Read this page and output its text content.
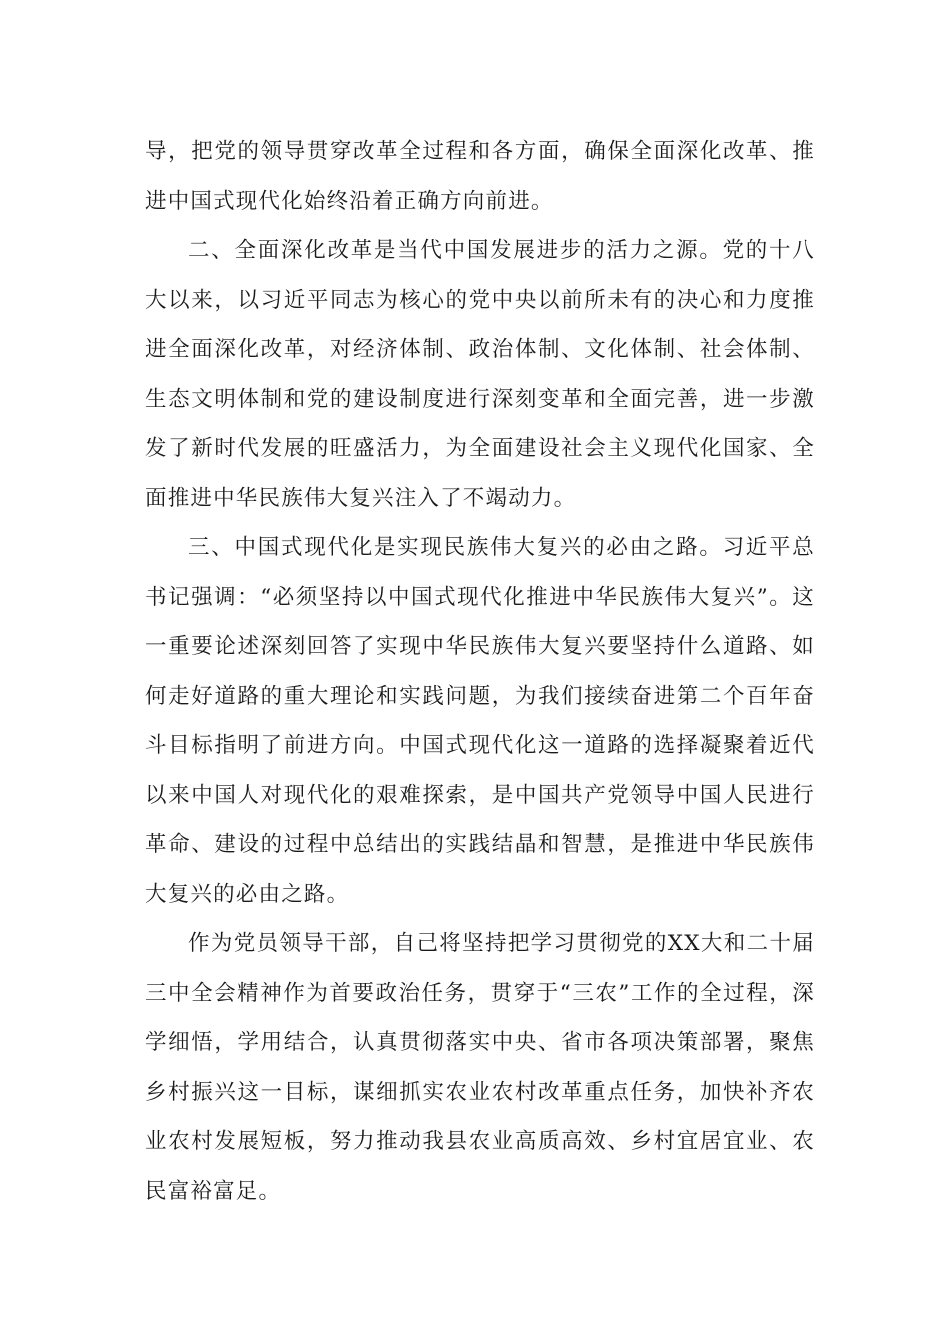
导，把党的领导贯穿改革全过程和各方面，确保全面深化改革、推进中国式现代化始终沿着正确方向前进。

二、全面深化改革是当代中国发展进步的活力之源。党的十八大以来，以习近平同志为核心的党中央以前所未有的决心和力度推进全面深化改革，对经济体制、政治体制、文化体制、社会体制、生态文明体制和党的建设制度进行深刻变革和全面完善，进一步激发了新时代发展的旺盛活力，为全面建设社会主义现代化国家、全面推进中华民族伟大复兴注入了不竭动力。

三、中国式现代化是实现民族伟大复兴的必由之路。习近平总书记强调：“必须坚持以中国式现代化推进中华民族伟大复兴”。这一重要论述深刻回答了实现中华民族伟大复兴要坚持什么道路、如何走好道路的重大理论和实践问题，为我们接续奋进第二个百年奋斗目标指明了前进方向。中国式现代化这一道路的选择凝聚着近代以来中国人对现代化的艰难探索，是中国共产党领导中国人民进行革命、建设的过程中总结出的实践结晶和智慧，是推进中华民族伟大复兴的必由之路。

作为党员领导干部，自己将坚持把学习贯彻党的XX大和二十届三中全会精神作为首要政治任务，贯穿于“三农”工作的全过程，深学细悟，学用结合，认真贯彻落实中央、省市各项决策部署，聚焦乡村振兴这一目标，谋细抓实农业农村改革重点任务，加快补齐农业农村发展短板，努力推动我县农业高质高效、乡村宜居宜业、农民富裕富足。
